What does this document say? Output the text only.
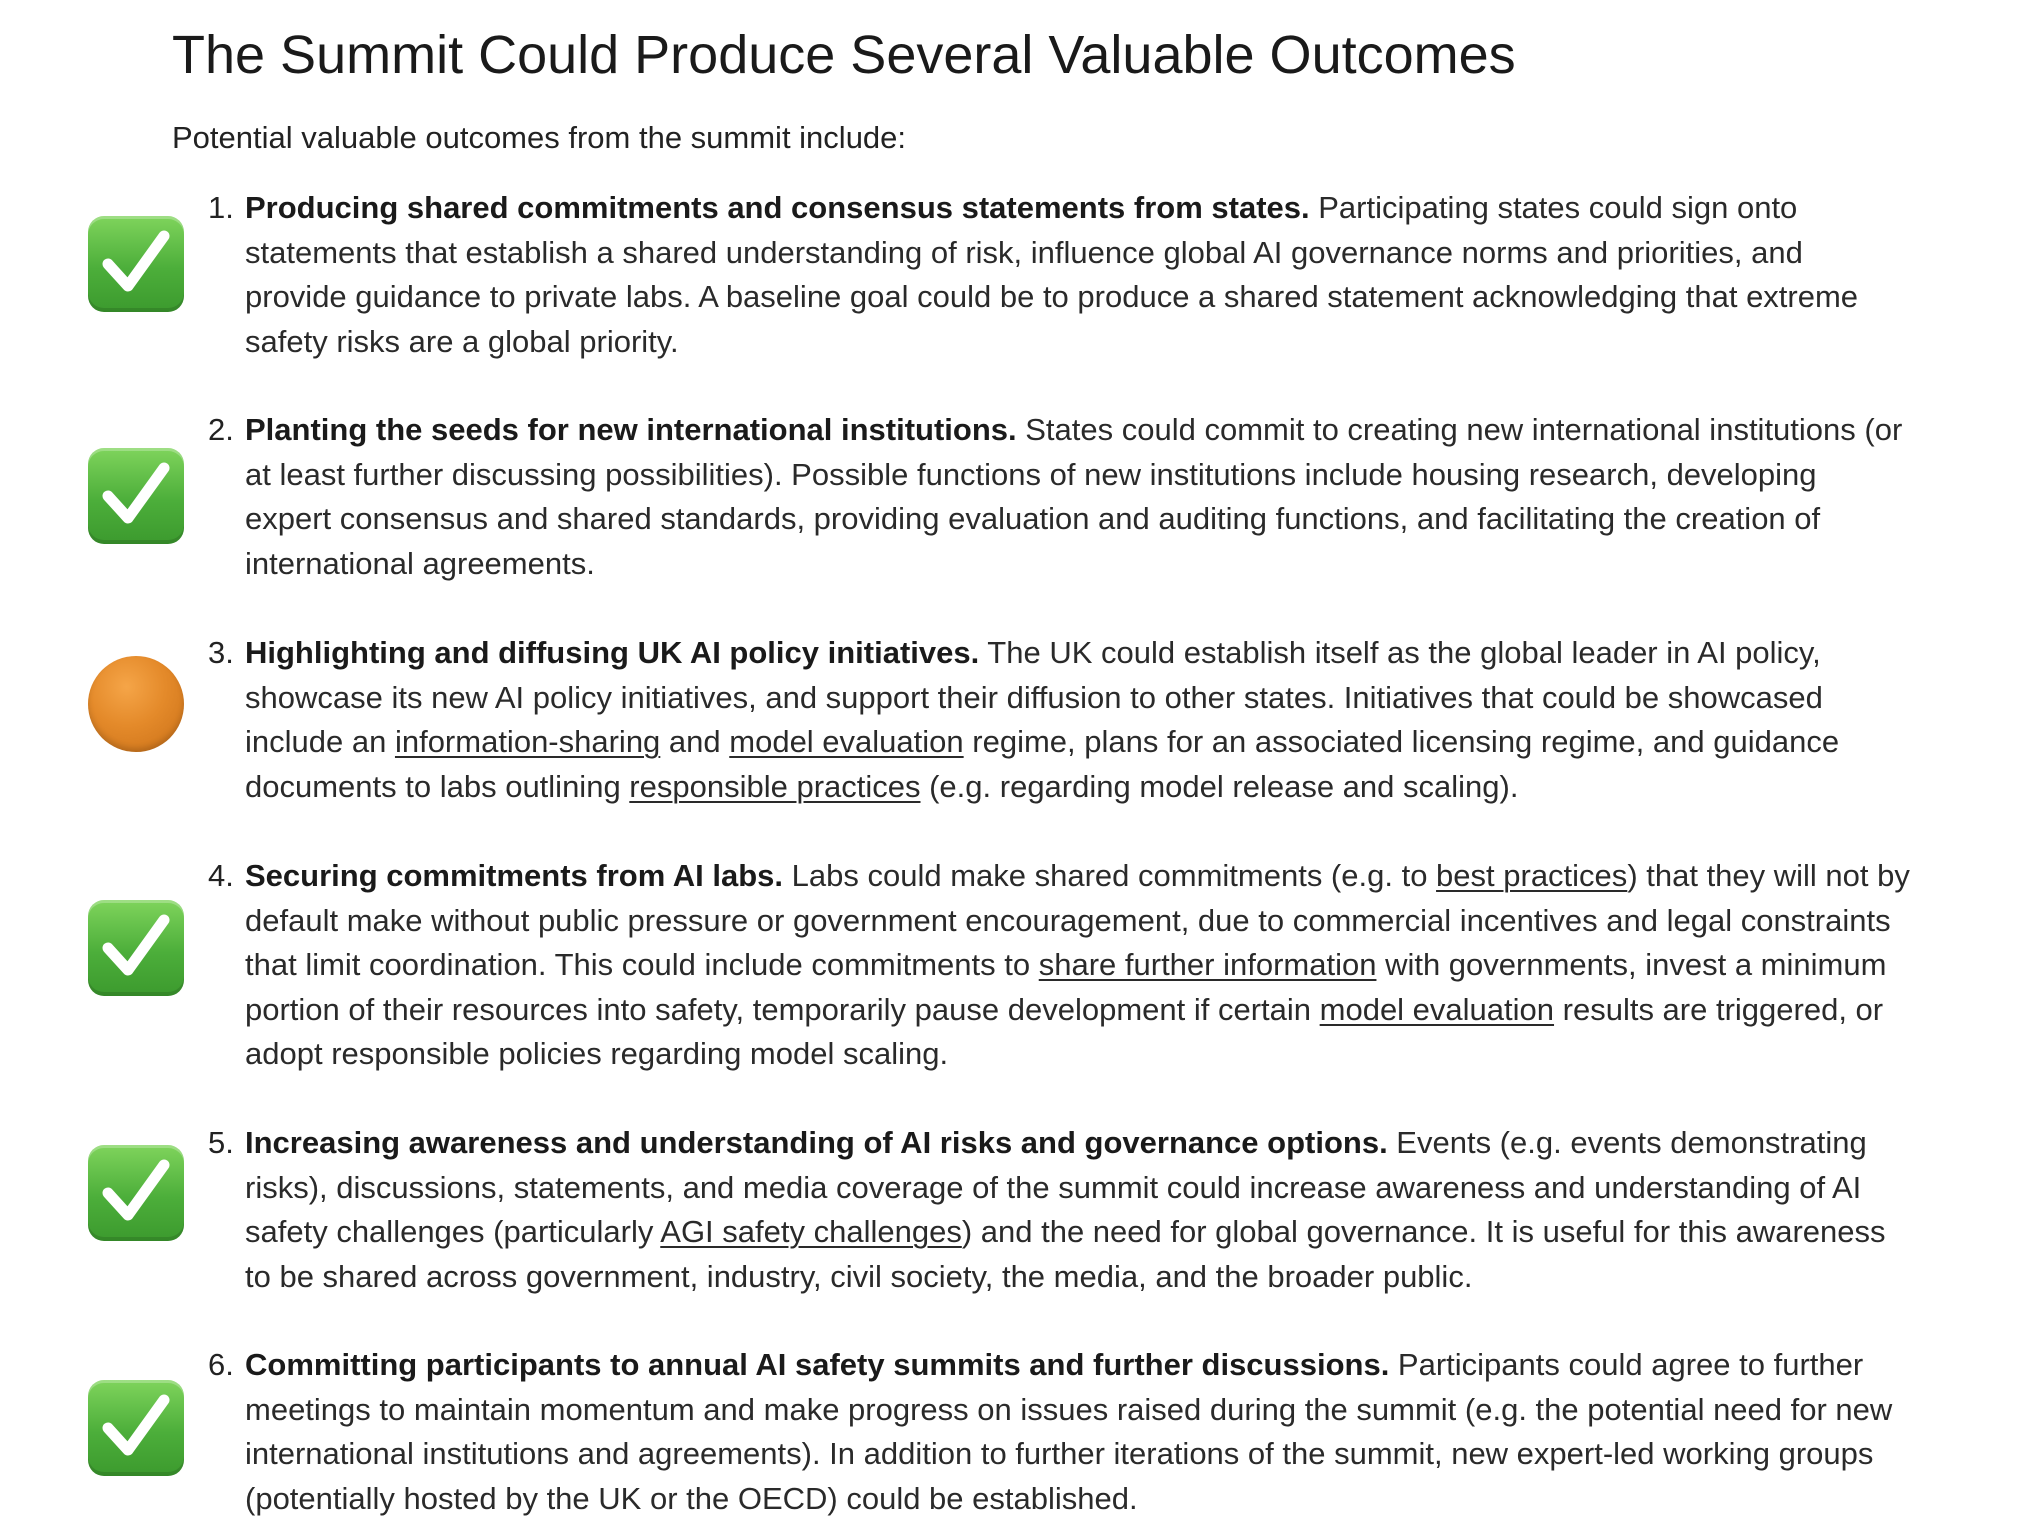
The Summit Could Produce Several Valuable Outcomes

Potential valuable outcomes from the summit include:

1. Producing shared commitments and consensus statements from states. Participating states could sign onto statements that establish a shared understanding of risk, influence global AI governance norms and priorities, and provide guidance to private labs. A baseline goal could be to produce a shared statement acknowledging that extreme safety risks are a global priority.

2. Planting the seeds for new international institutions. States could commit to creating new international institutions (or at least further discussing possibilities). Possible functions of new institutions include housing research, developing expert consensus and shared standards, providing evaluation and auditing functions, and facilitating the creation of international agreements.

3. Highlighting and diffusing UK AI policy initiatives. The UK could establish itself as the global leader in AI policy, showcase its new AI policy initiatives, and support their diffusion to other states. Initiatives that could be showcased include an information-sharing and model evaluation regime, plans for an associated licensing regime, and guidance documents to labs outlining responsible practices (e.g. regarding model release and scaling).

4. Securing commitments from AI labs. Labs could make shared commitments (e.g. to best practices) that they will not by default make without public pressure or government encouragement, due to commercial incentives and legal constraints that limit coordination. This could include commitments to share further information with governments, invest a minimum portion of their resources into safety, temporarily pause development if certain model evaluation results are triggered, or adopt responsible policies regarding model scaling.

5. Increasing awareness and understanding of AI risks and governance options. Events (e.g. events demonstrating risks), discussions, statements, and media coverage of the summit could increase awareness and understanding of AI safety challenges (particularly AGI safety challenges) and the need for global governance. It is useful for this awareness to be shared across government, industry, civil society, the media, and the broader public.

6. Committing participants to annual AI safety summits and further discussions. Participants could agree to further meetings to maintain momentum and make progress on issues raised during the summit (e.g. the potential need for new international institutions and agreements). In addition to further iterations of the summit, new expert-led working groups (potentially hosted by the UK or the OECD) could be established.
